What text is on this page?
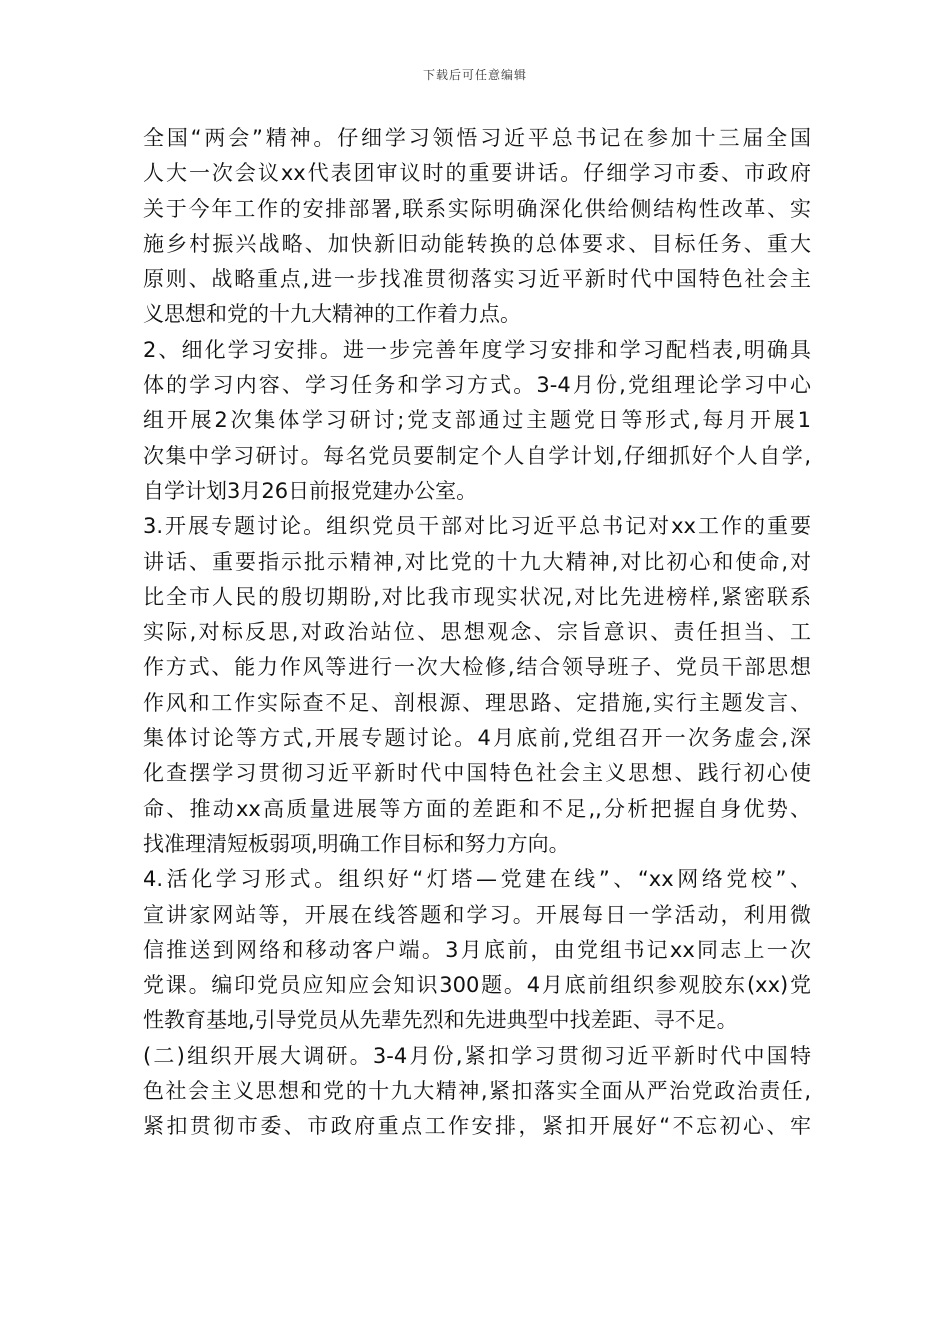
下载后可任意编辑
全国“两会”精神。仔细学习领悟习近平总书记在参加十三届全国
人大一次会议xx代表团审议时的重要讲话。仔细学习市委、市政府
关于今年工作的安排部署,联系实际明确深化供给侧结构性改革、实
施乡村振兴战略、加快新旧动能转换的总体要求、目标任务、重大
原则、战略重点,进一步找准贯彻落实习近平新时代中国特色社会主
义思想和党的十九大精神的工作着力点。
2、细化学习安排。进一步完善年度学习安排和学习配档表,明确具
体的学习内容、学习任务和学习方式。3-4月份,党组理论学习中心
组开展2次集体学习研讨;党支部通过主题党日等形式,每月开展1
次集中学习研讨。每名党员要制定个人自学计划,仔细抓好个人自学,
自学计划3月26日前报党建办公室。
3.开展专题讨论。组织党员干部对比习近平总书记对xx工作的重要
讲话、重要指示批示精神,对比党的十九大精神,对比初心和使命,对
比全市人民的殷切期盼,对比我市现实状况,对比先进榜样,紧密联系
实际,对标反思,对政治站位、思想观念、宗旨意识、责任担当、工
作方式、能力作风等进行一次大检修,结合领导班子、党员干部思想
作风和工作实际查不足、剖根源、理思路、定措施,实行主题发言、
集体讨论等方式,开展专题讨论。4月底前,党组召开一次务虚会,深
化查摆学习贯彻习近平新时代中国特色社会主义思想、践行初心使
命、推动xx高质量进展等方面的差距和不足,,分析把握自身优势、
找准理清短板弱项,明确工作目标和努力方向。
4.活化学习形式。组织好“灯塔—党建在线”、“xx网络党校”、
宣讲家网站等，开展在线答题和学习。开展每日一学活动，利用微
信推送到网络和移动客户端。3月底前，由党组书记xx同志上一次
党课。编印党员应知应会知识300题。4月底前组织参观胶东(xx)党
性教育基地,引导党员从先辈先烈和先进典型中找差距、寻不足。
(二)组织开展大调研。3-4月份,紧扣学习贯彻习近平新时代中国特
色社会主义思想和党的十九大精神,紧扣落实全面从严治党政治责任,
紧扣贯彻市委、市政府重点工作安排，紧扣开展好“不忘初心、牢
